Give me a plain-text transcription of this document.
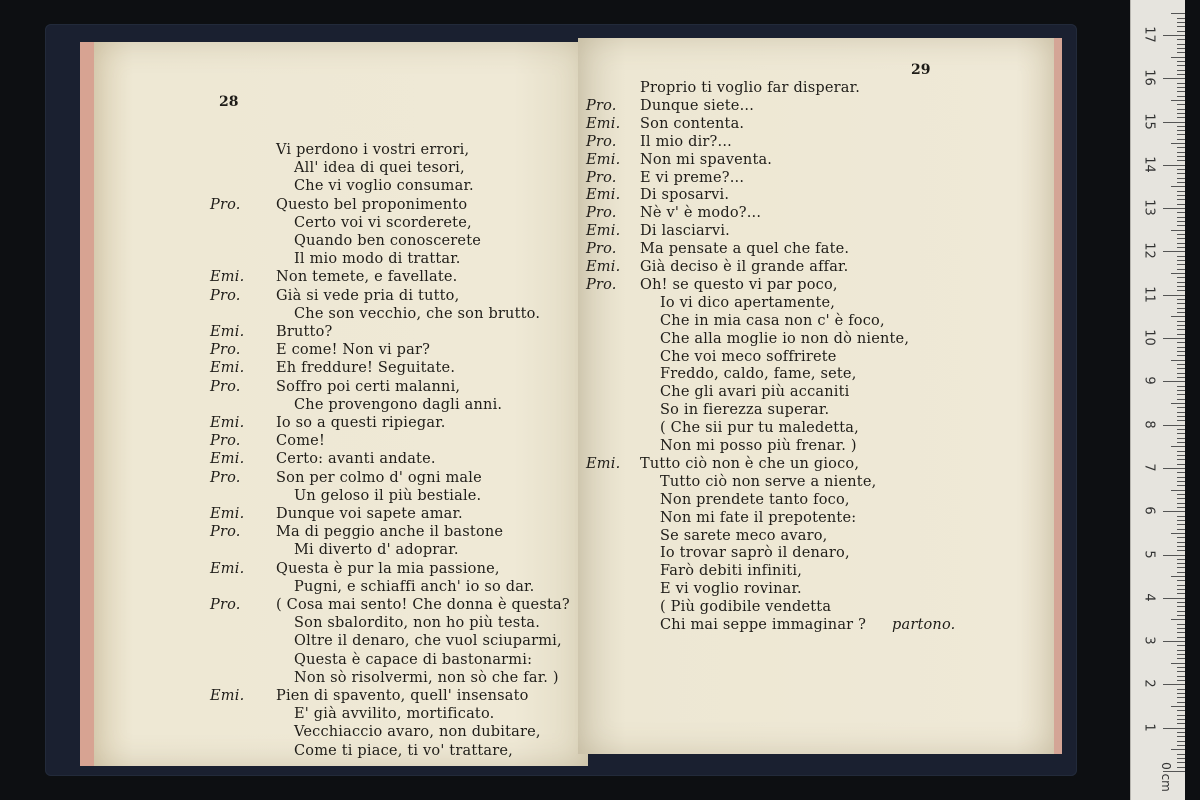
28
Vi perdono i vostri errori,
All' idea di quei tesori,
Che vi voglio consumar.
Pro. Questo bel proponimento
Certo voi vi scorderete,
Quando ben conoscerete
Il mio modo di trattar.
Emi. Non temete, e favellate.
Pro. Già si vede pria di tutto,
Che son vecchio, che son brutto.
Emi. Brutto?
Pro. E come! Non vi par?
Emi. Eh freddure! Seguitate.
Pro. Soffro poi certi malanni,
Che provengono dagli anni.
Emi. Io so a questi ripiegar.
Pro. Come!
Emi. Certo: avanti andate.
Pro. Son per colmo d' ogni male
Un geloso il più bestiale.
Emi. Dunque voi sapete amar.
Pro. Ma di peggio anche il bastone
Mi diverto d' adoprar.
Emi. Questa è pur la mia passione,
Pugni, e schiaffi anch' io so dar.
Pro. ( Cosa mai sento! Che donna è questa?
Son sbalordito, non ho più testa.
Oltre il denaro, che vuol sciuparmi,
Questa è capace di bastonarmi:
Non sò risolvermi, non sò che far. )
Emi. Pien di spavento, quell' insensato
E' già avvilito, mortificato.
Vecchiaccio avaro, non dubitare,
Come ti piace, ti vo' trattare,
29
Proprio ti voglio far disperar.
Pro. Dunque siete...
Emi. Son contenta.
Pro. Il mio dir?...
Emi. Non mi spaventa.
Pro. E vi preme?...
Emi. Di sposarvi.
Pro. Nè v' è modo?...
Emi. Di lasciarvi.
Pro. Ma pensate a quel che fate.
Emi. Già deciso è il grande affar.
Pro. Oh! se questo vi par poco,
Io vi dico apertamente,
Che in mia casa non c' è foco,
Che alla moglie io non dò niente,
Che voi meco soffrirete
Freddo, caldo, fame, sete,
Che gli avari più accaniti
So in fierezza superar.
( Che sii pur tu maledetta,
Non mi posso più frenar. )
Emi. Tutto ciò non è che un gioco,
Tutto ciò non serve a niente,
Non prendete tanto foco,
Non mi fate il prepotente:
Se sarete meco avaro,
Io trovar saprò il denaro,
Farò debiti infiniti,
E vi voglio rovinar.
( Più godibile vendetta
Chi mai seppe immaginar ? partono.
1
2
3
4
5
6
7
8
9
10
11
12
13
14
15
16
17
0 cm
